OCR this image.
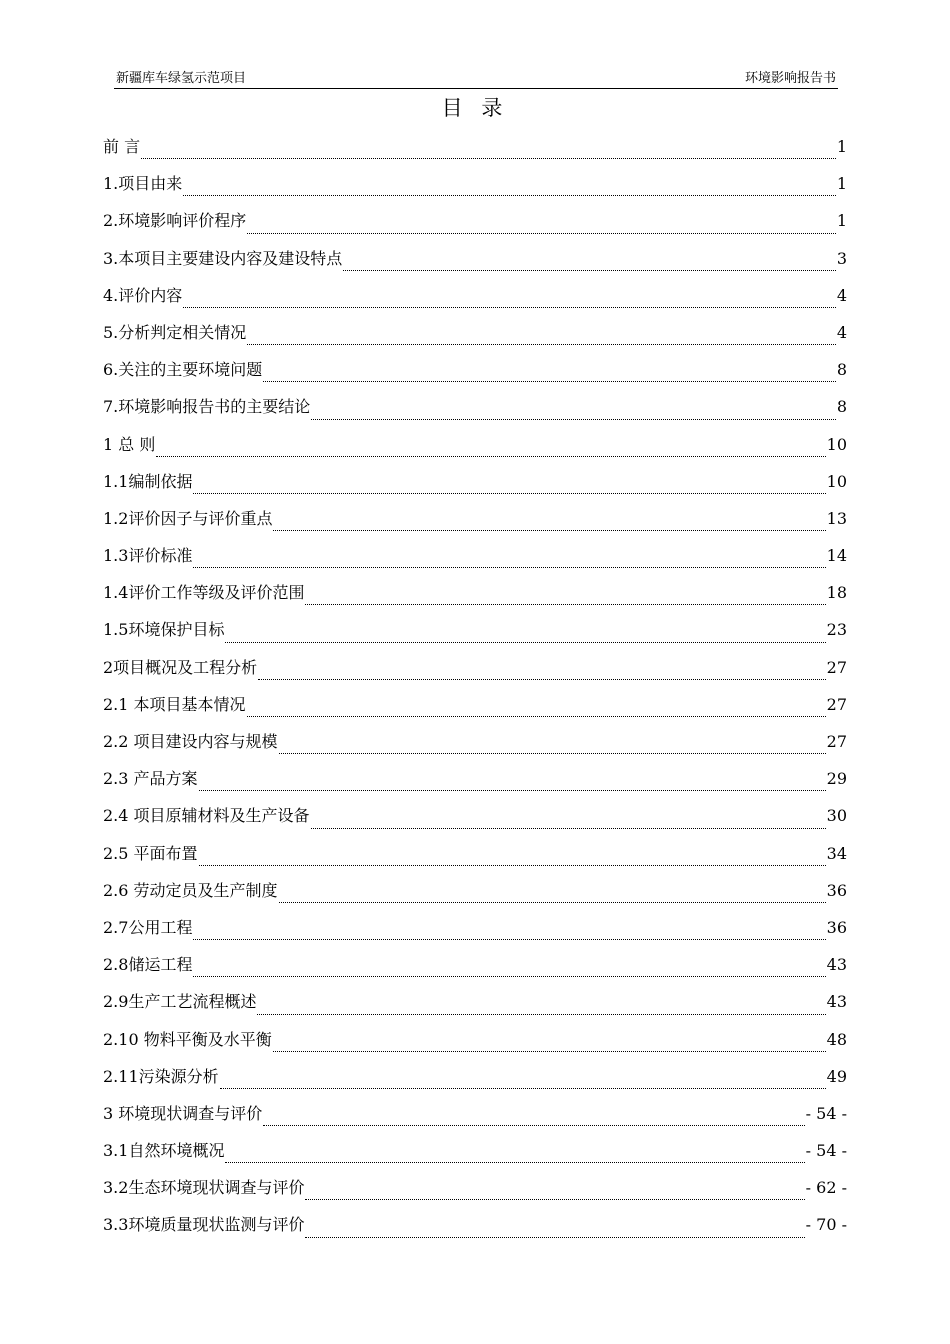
新疆库车绿氢示范项目	环境影响报告书
目 录
前 言	1
1.项目由来	1
2.环境影响评价程序	1
3.本项目主要建设内容及建设特点	3
4.评价内容	4
5.分析判定相关情况	4
6.关注的主要环境问题	8
7.环境影响报告书的主要结论	8
1 总 则	10
1.1编制依据	10
1.2评价因子与评价重点	13
1.3评价标准	14
1.4评价工作等级及评价范围	18
1.5环境保护目标	23
2项目概况及工程分析	27
2.1 本项目基本情况	27
2.2 项目建设内容与规模	27
2.3 产品方案	29
2.4 项目原辅材料及生产设备	30
2.5 平面布置	34
2.6 劳动定员及生产制度	36
2.7公用工程	36
2.8储运工程	43
2.9生产工艺流程概述	43
2.10 物料平衡及水平衡	48
2.11污染源分析	49
3 环境现状调查与评价	- 54 -
3.1自然环境概况	- 54 -
3.2生态环境现状调查与评价	- 62 -
3.3环境质量现状监测与评价	- 70 -
